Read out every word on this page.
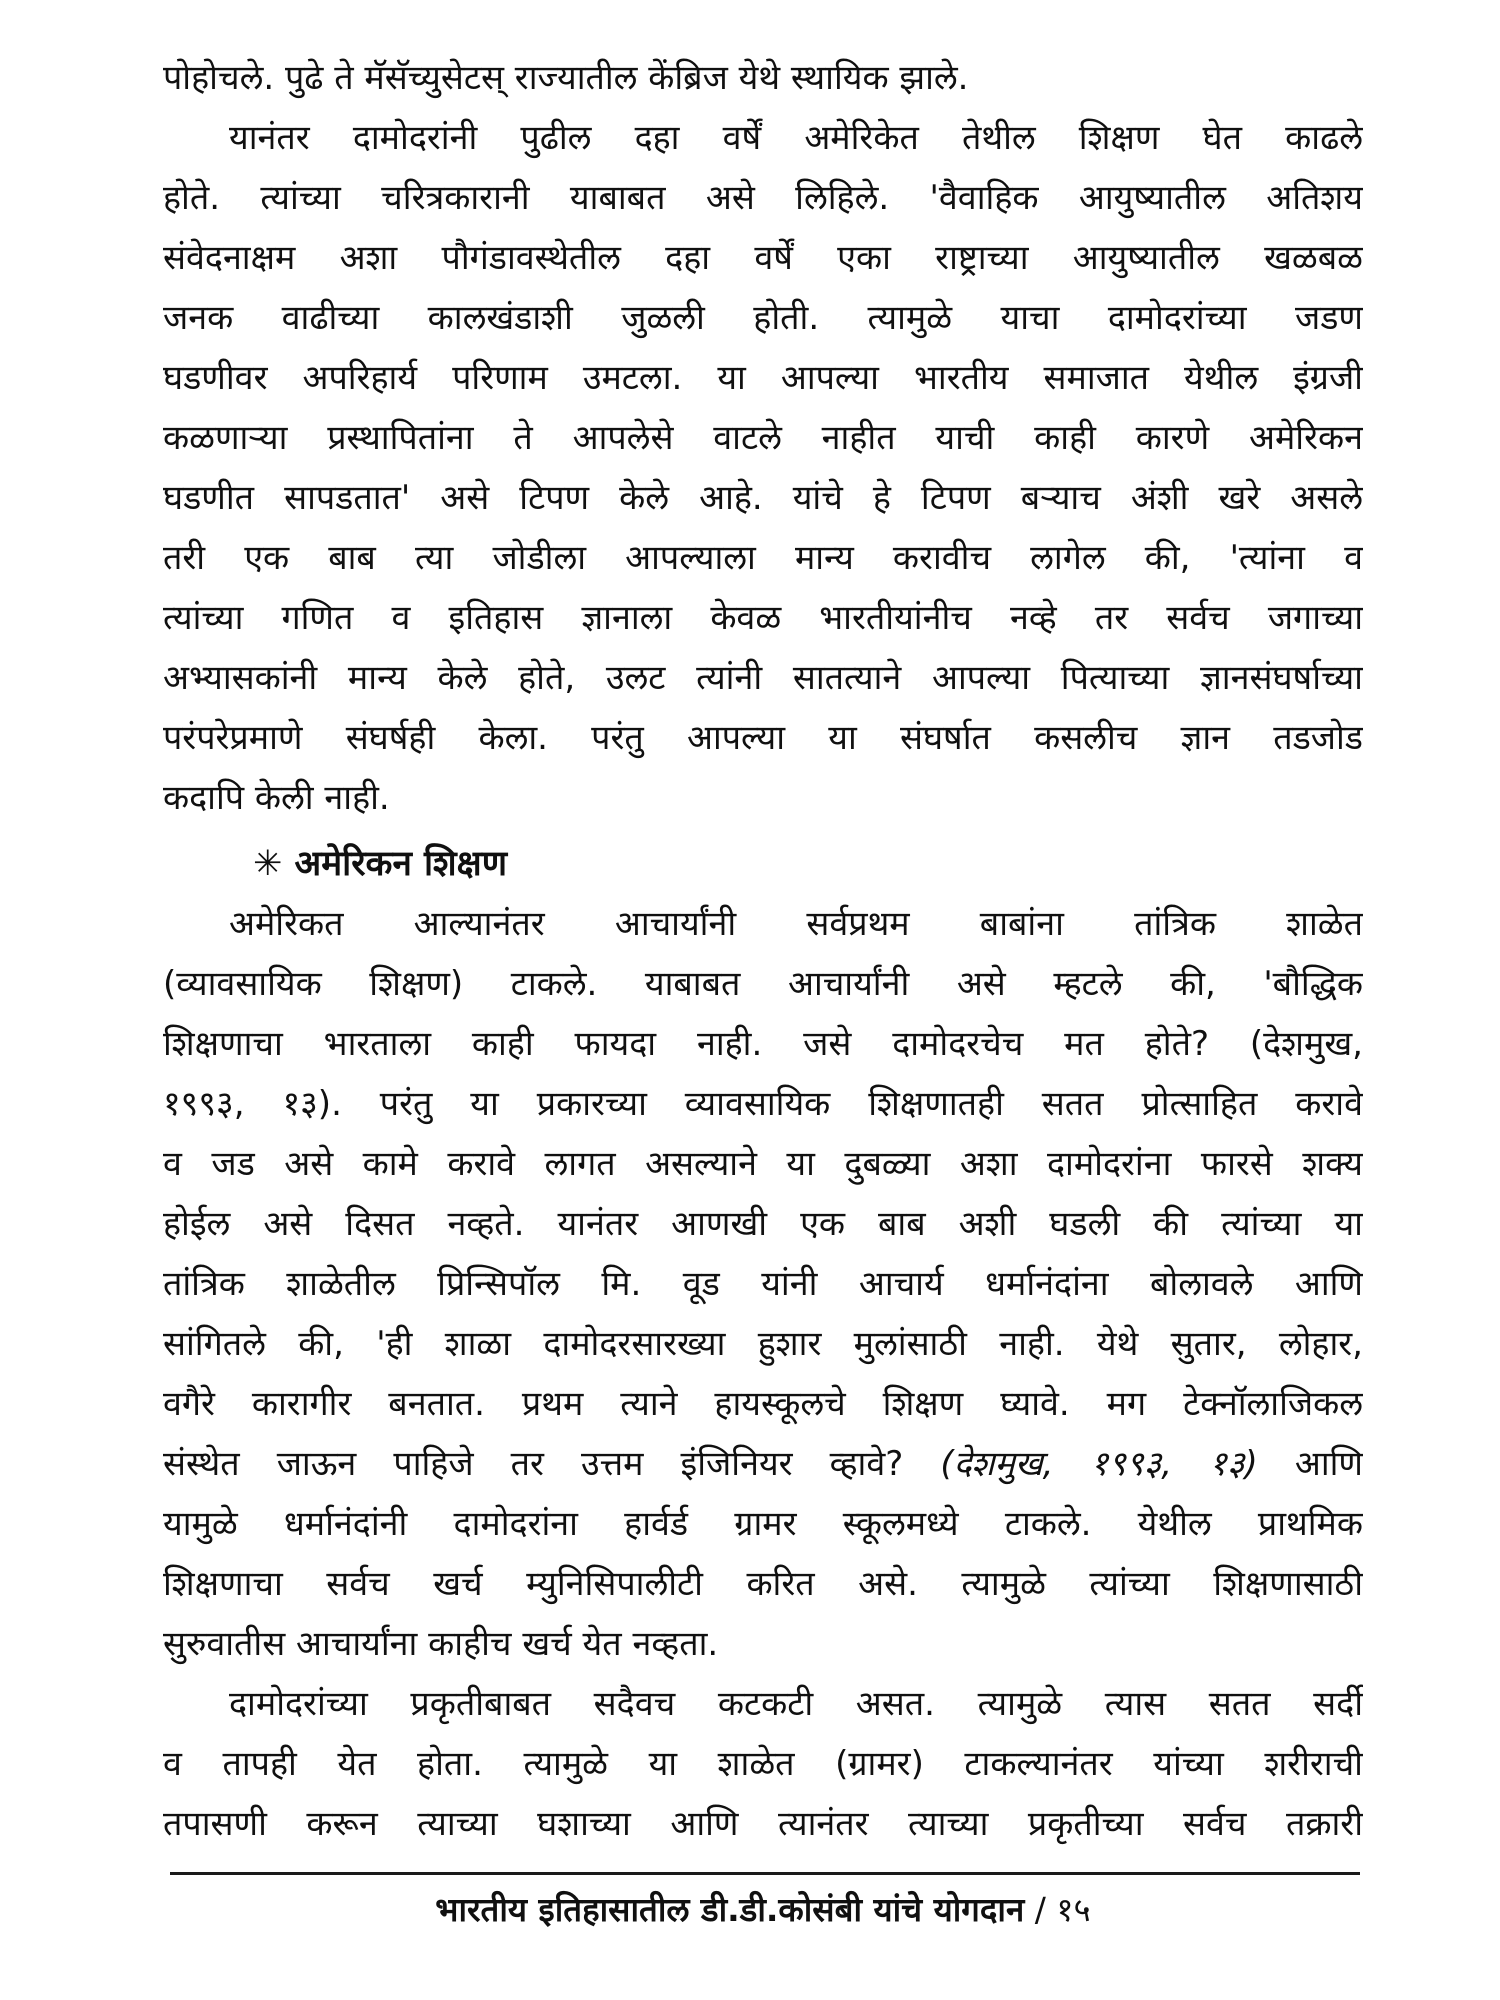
पोहोचले. पुढे ते मॅसॅच्युसेटस् राज्यातील केंब्रिज येथे स्थायिक झाले.
यानंतर दामोदरांनी पुढील दहा वर्षें अमेरिकेत तेथील शिक्षण घेत काढले
होते. त्यांच्या चरित्रकारानी याबाबत असे लिहिले. 'वैवाहिक आयुष्यातील अतिशय
संवेदनाक्षम अशा पौगंडावस्थेतील दहा वर्षें एका राष्ट्राच्या आयुष्यातील खळबळ
जनक वाढीच्या कालखंडाशी जुळली होती. त्यामुळे याचा दामोदरांच्या जडण
घडणीवर अपरिहार्य परिणाम उमटला. या आपल्या भारतीय समाजात येथील इंग्रजी
कळणाऱ्या प्रस्थापितांना ते आपलेसे वाटले नाहीत याची काही कारणे अमेरिकन
घडणीत सापडतात' असे टिपण केले आहे. यांचे हे टिपण बऱ्याच अंशी खरे असले
तरी एक बाब त्या जोडीला आपल्याला मान्य करावीच लागेल की, 'त्यांना व
त्यांच्या गणित व इतिहास ज्ञानाला केवळ भारतीयांनीच नव्हे तर सर्वच जगाच्या
अभ्यासकांनी मान्य केले होते, उलट त्यांनी सातत्याने आपल्या पित्याच्या ज्ञानसंघर्षाच्या
परंपरेप्रमाणे संघर्षही केला. परंतु आपल्या या संघर्षात कसलीच ज्ञान तडजोड
कदापि केली नाही.
✳ अमेरिकन शिक्षण
अमेरिकत आल्यानंतर आचार्यांनी सर्वप्रथम बाबांना तांत्रिक शाळेत
(व्यावसायिक शिक्षण) टाकले. याबाबत आचार्यांनी असे म्हटले की, 'बौद्धिक
शिक्षणाचा भारताला काही फायदा नाही. जसे दामोदरचेच मत होते? (देशमुख,
१९९३, १३). परंतु या प्रकारच्या व्यावसायिक शिक्षणातही सतत प्रोत्साहित करावे
व जड असे कामे करावे लागत असल्याने या दुबळ्या अशा दामोदरांना फारसे शक्य
होईल असे दिसत नव्हते. यानंतर आणखी एक बाब अशी घडली की त्यांच्या या
तांत्रिक शाळेतील प्रिन्सिपॉल मि. वूड यांनी आचार्य धर्मानंदांना बोलावले आणि
सांगितले की, 'ही शाळा दामोदरसारख्या हुशार मुलांसाठी नाही. येथे सुतार, लोहार,
वगैरे कारागीर बनतात. प्रथम त्याने हायस्कूलचे शिक्षण घ्यावे. मग टेक्नॉलाजिकल
संस्थेत जाऊन पाहिजे तर उत्तम इंजिनियर व्हावे? (देशमुख, १९९३, १३) आणि
यामुळे धर्मानंदांनी दामोदरांना हार्वर्ड ग्रामर स्कूलमध्ये टाकले. येथील प्राथमिक
शिक्षणाचा सर्वच खर्च म्युनिसिपालीटी करित असे. त्यामुळे त्यांच्या शिक्षणासाठी
सुरुवातीस आचार्यांना काहीच खर्च येत नव्हता.
दामोदरांच्या प्रकृतीबाबत सदैवच कटकटी असत. त्यामुळे त्यास सतत सर्दी
व तापही येत होता. त्यामुळे या शाळेत (ग्रामर) टाकल्यानंतर यांच्या शरीराची
तपासणी करून त्याच्या घशाच्या आणि त्यानंतर त्याच्या प्रकृतीच्या सर्वच तक्रारी
भारतीय इतिहासातील डी.डी.कोसंबी यांचे योगदान / १५
